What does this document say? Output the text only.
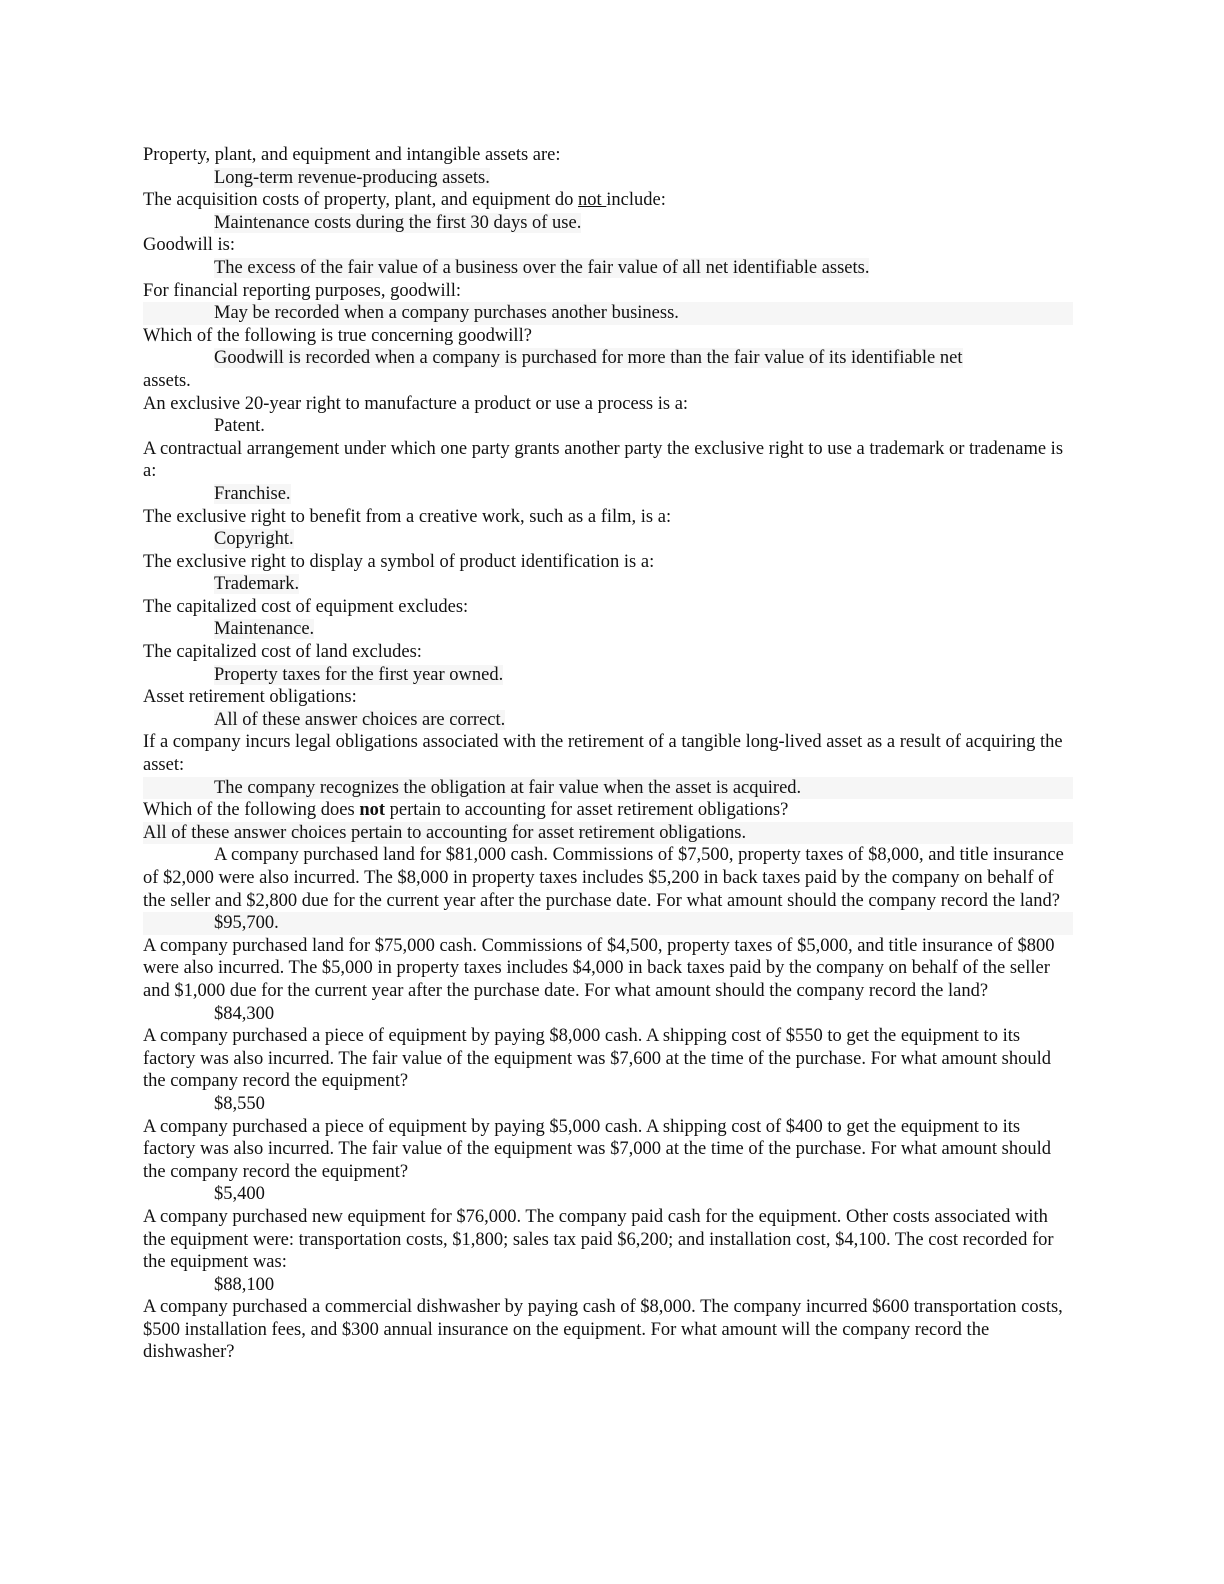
Property, plant, and equipment and intangible assets are:

Long-term revenue-producing assets.

The acquisition costs of property, plant, and equipment do not include:

Maintenance costs during the first 30 days of use.

Goodwill is:

The excess of the fair value of a business over the fair value of all net identifiable assets.

For financial reporting purposes, goodwill:

May be recorded when a company purchases another business.

Which of the following is true concerning goodwill?

Goodwill is recorded when a company is purchased for more than the fair value of its identifiable net

assets.

An exclusive 20-year right to manufacture a product or use a process is a:

Patent.

A contractual arrangement under which one party grants another party the exclusive right to use a trademark or tradename is a:

Franchise.

The exclusive right to benefit from a creative work, such as a film, is a:

Copyright.

The exclusive right to display a symbol of product identification is a:

Trademark.

The capitalized cost of equipment excludes:

Maintenance.

The capitalized cost of land excludes:

Property taxes for the first year owned.

Asset retirement obligations:

All of these answer choices are correct.

If a company incurs legal obligations associated with the retirement of a tangible long-lived asset as a result of acquiring the asset:

The company recognizes the obligation at fair value when the asset is acquired.

Which of the following does not pertain to accounting for asset retirement obligations?

All of these answer choices pertain to accounting for asset retirement obligations.

A company purchased land for $81,000 cash. Commissions of $7,500, property taxes of $8,000, and title insurance of $2,000 were also incurred. The $8,000 in property taxes includes $5,200 in back taxes paid by the company on behalf of the seller and $2,800 due for the current year after the purchase date. For what amount should the company record the land?

$95,700.

A company purchased land for $75,000 cash. Commissions of $4,500, property taxes of $5,000, and title insurance of $800 were also incurred. The $5,000 in property taxes includes $4,000 in back taxes paid by the company on behalf of the seller and $1,000 due for the current year after the purchase date. For what amount should the company record the land?

$84,300

A company purchased a piece of equipment by paying $8,000 cash. A shipping cost of $550 to get the equipment to its factory was also incurred. The fair value of the equipment was $7,600 at the time of the purchase. For what amount should the company record the equipment?

$8,550

A company purchased a piece of equipment by paying $5,000 cash. A shipping cost of $400 to get the equipment to its factory was also incurred. The fair value of the equipment was $7,000 at the time of the purchase. For what amount should the company record the equipment?

$5,400

A company purchased new equipment for $76,000. The company paid cash for the equipment. Other costs associated with the equipment were: transportation costs, $1,800; sales tax paid $6,200; and installation cost, $4,100. The cost recorded for the equipment was:

$88,100

A company purchased a commercial dishwasher by paying cash of $8,000. The company incurred $600 transportation costs, $500 installation fees, and $300 annual insurance on the equipment. For what amount will the company record the dishwasher?
